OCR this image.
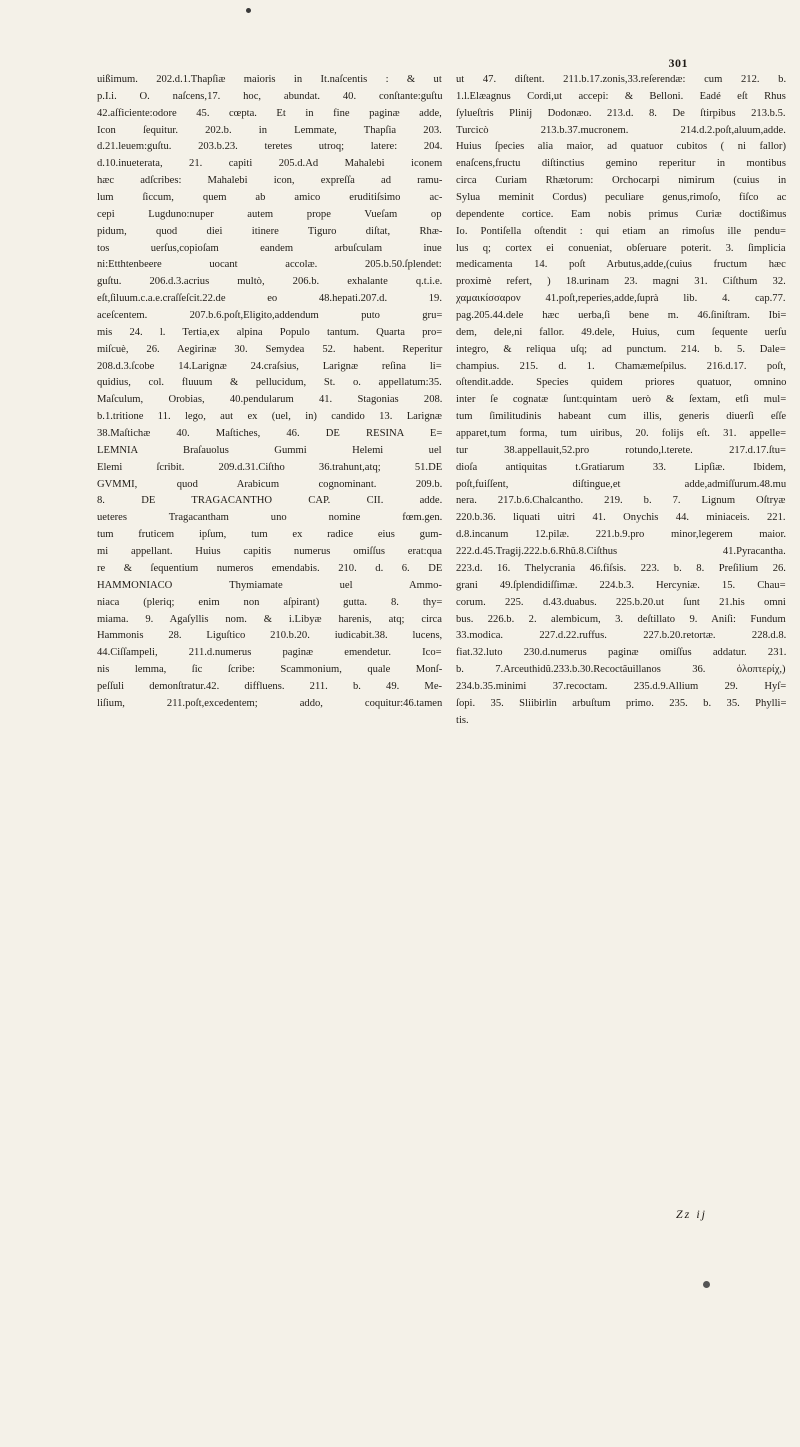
301
uißimum. 202.d.1.Thapſiæ maioris in It.naſcentis : & ut
p.I.i. O. naſcens,17. hoc, abundat. 40. conſtante:guſtu
42.aſficiente:odore 45. cœpta. Et in fine paginæ adde,
Icon ſequitur. 202.b. in Lemmate, Thapſia 203.
d.21.leuem:guſtu. 203.b.23. teretes utroq; latere: 204.
d.10.inueterata, 21. capiti 205.d.Ad Mahalebi iconem
hæc adſcribes: Mahalebi icon, expreſſa ad ramu-
lum ſiccum, quem ab amico eruditiſsimo ac-
cepi Lugduno:nuper autem prope Vueſam op
pidum, quod diei itinere Tiguro diſtat, Rhæ-
tos uerſus,copioſam eandem arbuſculam inue
ni:Etthtenbeere uocant accolæ. 205.b.50.ſplendet:
guſtu. 206.d.3.acrius multò, 206.b. exhalante q.t.i.e.
eſt,ſiluum.c.a.e.craſſeſcit.22.de eo 48.hepati.207.d. 19.
aceſcentem. 207.b.6.poſt,Eligito,addendum puto gru=
mis 24. l. Tertia,ex alpina Populo tantum. Quarta pro=
miſcuè, 26. Aegirinæ 30. Semydea 52. habent. Reperitur
208.d.3.ſcobe 14.Larignæ 24.craſsius, Larignæ reſina li=
quidius, col. fluuum & pellucidum, St. o. appellatum:35.
Maſculum, Orobias, 40.pendularum 41. Stagonias 208.
b.1.tritione 11. lego, aut ex (uel, in) candido 13. Larignæ
38.Maſtichæ 40. Maſtiches, 46. DE RESINA E=
LEMNIA Braſauolus Gummi Helemi uel
Elemi ſcribit. 209.d.31.Ciſtho 36.trahunt,atq; 51.DE
GVMMI, quod Arabicum cognominant. 209.b.
8. DE TRAGACANTHO CAP. CII. adde.
ueteres Tragacantham uno nomine fœm.gen.
tum fruticem ipſum, tum ex radice eius gum-
mi appellant. Huius capitis numerus omiſſus erat:qua
re & ſequentium numeros emendabis. 210. d. 6. DE
HAMMONIACO Thymiamate uel Ammo-
niaca (pleriq; enim non aſpirant) gutta. 8. thy=
miama. 9. Agaſyllis nom. & i.Libyæ harenis, atq; circa
Hammonis 28. Liguſtico 210.b.20. iudicabit.38. lucens,
44.Ciſſampeli, 211.d.numerus paginæ emendetur. Ico=
nis lemma, ſic ſcribe: Scammonium, quale Monſ-
peſſuli demonſtratur.42. diffluens. 211. b. 49. Me-
liſium, 211.poſt,excedentem; addo, coquitur:46.tamen
ut 47. diſtent. 211.b.17.zonis,33.reſerendæ: cum 212. b.
1.l.Elæagnus Cordi,ut accepi: & Belloni. Eadé eſt Rhus
ſylueſtris Plinij Dodonæo. 213.d. 8. De ſtirpibus 213.b.5.
Turcicò 213.b.37.mucronem. 214.d.2.poſt,aluum,adde.
Huius ſpecies alia maior, ad quatuor cubitos ( ni fallor)
enaſcens,fructu diſtinctius gemino reperitur in montibus
circa Curiam Rhætorum: Orchocarpi nimirum (cuius in
Sylua meminit Cordus) peculiare genus,rimoſo, fiſco ac
dependente cortice. Eam nobis primus Curiæ doctißimus
Io. Pontiſella oſtendit : qui etiam an rimoſus ille pendu=
lus q; cortex ei conueniat, obſeruare poterit. 3. ſimplicia
medicamenta 14. poſt Arbutus,adde,(cuius fructum hæc
proximè refert, ) 18.urinam 23. magni 31. Ciſthum 32.
χαμαικίσσαρον 41.poſt,reperies,adde,ſuprà lib. 4. cap.77.
pag.205.44.dele hæc uerba,ſi bene m. 46.ſiniſtram. Ibi=
dem, dele,ni fallor. 49.dele, Huius, cum ſequente uerſu
integro, & reliqua uſq; ad punctum. 214. b. 5. Dale=
champius. 215. d. 1. Chamæmeſpilus. 216.d.17. poſt,
oſtendit.adde. Species quidem priores quatuor, omnino
inter ſe cognatæ ſunt:quintam uerò & ſextam, etſi mul=
tum ſimilitudinis habeant cum illis, generis diuerſi eſſe
apparet,tum forma, tum uiribus, 20. folijs eſt. 31. appelle=
tur 38.appellauit,52.pro rotundo,l.terete. 217.d.17.ſtu=
dioſa antiquitas t.Gratiarum 33. Lipſiæ. Ibidem,
poſt,fuiſſent, diſtingue,et adde,admiſſurum.48.mu
nera. 217.b.6.Chalcantho. 219. b. 7. Lignum Oſtryæ
220.b.36. liquati uitri 41. Onychis 44. miniaceis. 221.
d.8.incanum 12.pilæ. 221.b.9.pro minor,legerem maior.
222.d.45.Tragij.222.b.6.Rhũ.8.Ciſthus 41.Pyracantha.
223.d. 16. Thelycrania 46.fiſsis. 223. b. 8. Preſilium 26.
grani 49.ſplendidiſſimæ. 224.b.3. Hercyniæ. 15. Chau=
corum. 225. d.43.duabus. 225.b.20.ut ſunt 21.his omni
bus. 226.b. 2. alembicum, 3. deſtillato 9. Aniſi: Fundum
33.modica. 227.d.22.ruffus. 227.b.20.retortæ. 228.d.8.
fiat.32.luto 230.d.numerus paginæ omiſſus addatur. 231.
b. 7.Arceuthidũ.233.b.30.Recoctãuillanos 36. ὁλοπτερίχ,)
234.b.35.minimi 37.recoctam. 235.d.9.Allium 29. Hyſ=
ſopi. 35. Sliibirlin arbuſtum primo. 235. b. 35. Phylli=
tis.
Zz ij
